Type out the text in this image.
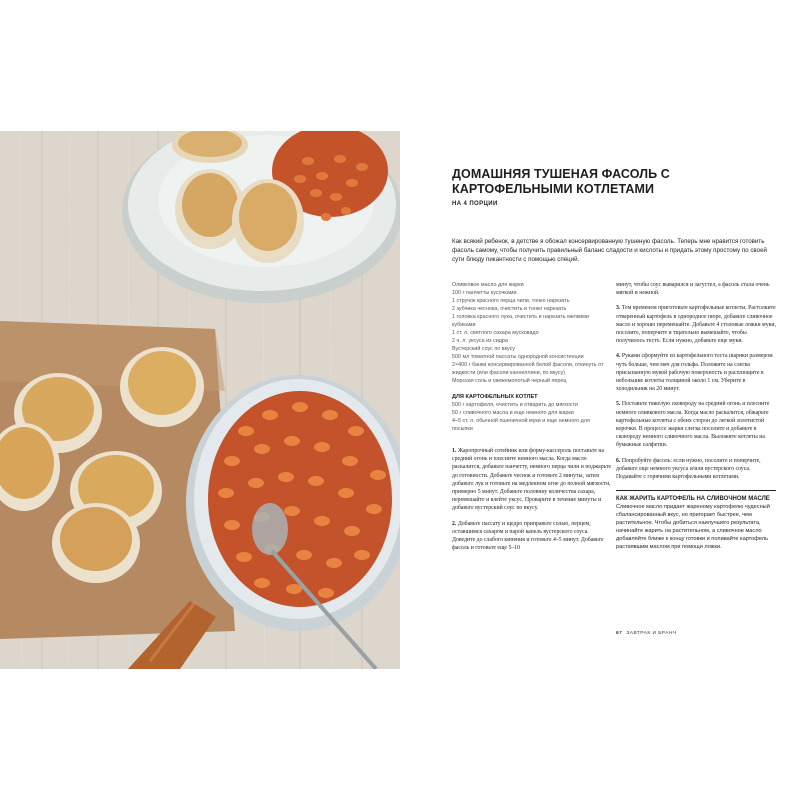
ДОМАШНЯЯ ТУШЕНАЯ ФАСОЛЬ С КАРТОФЕЛЬНЫМИ КОТЛЕТАМИ
НА 4 ПОРЦИИ
Как всякий ребенок, в детстве я обожал консервированную тушеную фасоль. Теперь мне нравится готовить фасоль самому, чтобы получить правильный баланс сладости и кислоты и придать этому простому по своей сути блюду пикантности с помощью специй.
Оливковое масло для жарки
100 г панчетты кусочками
1 стручок красного перца чили, тонко нарезать
2 зубчика чеснока, очистить и тонко нарезать
1 головка красного лука, очистить и нарезать мелкими кубиками
1 ст. л. светлого сахара мусковадо
2 ч. л. уксуса из сидра
Вустерский соус по вкусу
500 мл томатной пассаты однородной консистенции
2×400 г банки консервированной белой фасоли, откинуть от жидкости (или фасоли каннеллини, по вкусу)
Морская соль и свежемолотый черный перец
ДЛЯ КАРТОФЕЛЬНЫХ КОТЛЕТ
500 г картофеля, очистить и отварить до мягкости
50 г сливочного масла и еще немного для жарки
4–5 ст. л. обычной пшеничной муки и еще немного для посыпки

1. Жаропрочный сотейник или форму-кассероль поставьте на средний огонь и плесните немного масла. Когда масло раскалится, добавьте панчетту, немного перца чили и поджарьте до готовности. Добавьте чеснок и готовьте 2 минуты, затем добавьте лук и готовьте на медленном огне до полной мягкости, примерно 5 минут. Добавьте половину количества сахара, перемешайте и влейте уксус. Проварите в течение минуты и добавьте вустерский соус по вкусу.

2. Добавьте пассату и щедро приправьте солью, перцем, оставшимся сахаром и парой капель вустерского соуса. Доведите до слабого кипения и готовьте 4–5 минут. Добавьте фасоль и готовьте еще 5–10

минут, чтобы соус выварился и загустел, а фасоль стала очень мягкой и нежной.

3. Тем временем приготовьте картофельные котлеты. Растолките отваренный картофель в однородное пюре, добавьте сливочное масло и хорошо перемешайте. Добавьте 4 столовые ложки муки, посолите, поперчите и тщательно вымешайте, чтобы получилось тесто. Если нужно, добавьте еще муки.

4. Руками сформуйте из картофельного теста шарики размером чуть больше, чем мяч для гольфа. Положите на слегка присыпанную мукой рабочую поверхность и расплющите в небольшие котлеты толщиной около 1 см. Уберите в холодильник на 20 минут.

5. Поставьте тяжелую сковороду на средний огонь и плесните немного оливкового масла. Когда масло раскалится, обжарьте картофельные котлеты с обеих сторон до легкой золотистой корочки. В процессе жарки слегка посолите и добавьте в сковороду немного сливочного масла. Выложите котлеты на бумажные салфетки.

6. Попробуйте фасоль: если нужно, посолите и поперчите, добавьте еще немного уксуса и/или вустерского соуса. Подавайте с горячими картофельными котлетами.

КАК ЖАРИТЬ КАРТОФЕЛЬ НА СЛИВОЧНОМ МАСЛЕ
Сливочное масло придает жареному картофелю чудесный сбалансированный вкус, но пригорает быстрее, чем растительное. Чтобы добиться наилучшего результата, начинайте жарить на растительном, а сливочное масло добавляйте ближе к концу готовки и поливайте картофель растаявшим маслом при помощи ложки.
67 ЗАВТРАК И БРАНЧ
